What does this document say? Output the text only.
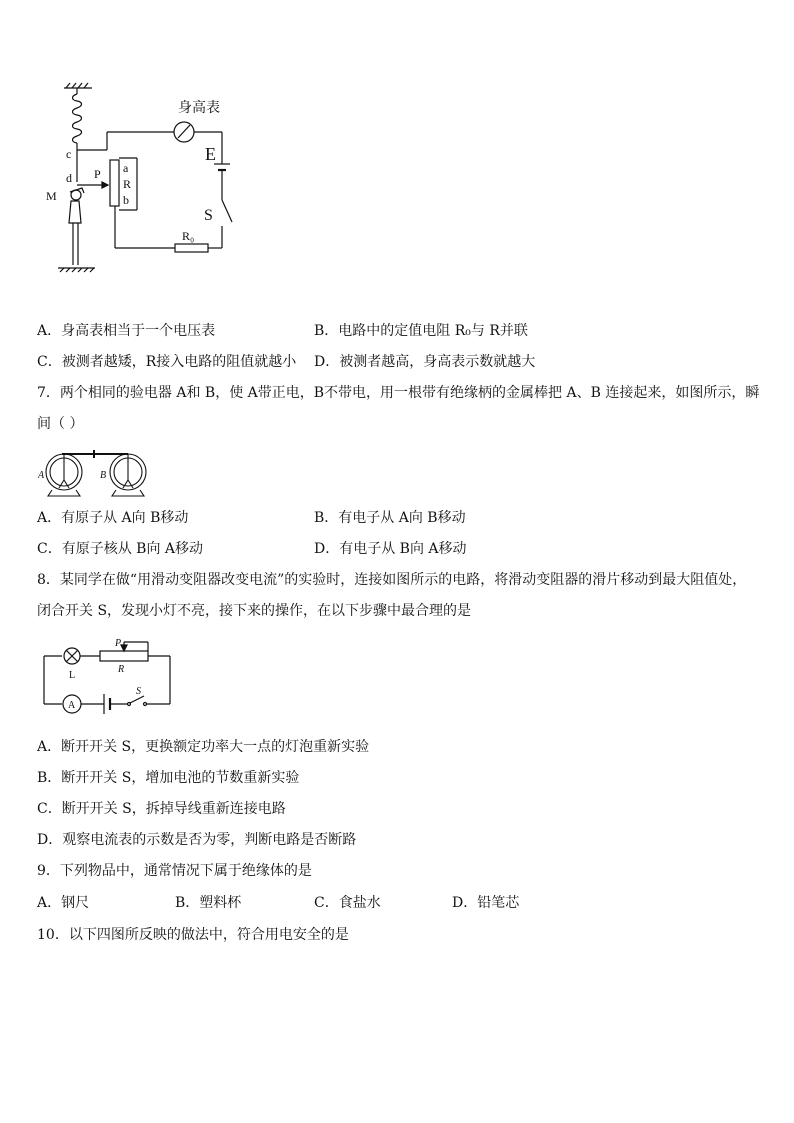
身高表
E
S
c
d
M
P a
R
b
R₀
A．身高表相当于一个电压表	B．电路中的定值电阻 R₀与 R并联
C．被测者越矮，R接入电路的阻值就越小 D．被测者越高，身高表示数就越大
7．两个相同的验电器 A和 B，使 A带正电，B不带电，用一根带有绝缘柄的金属棒把 A、B 连接起来，如图所示，瞬
间（ ）
A	B
A．有原子从 A向 B移动	B．有电子从 A向 B移动
C．有原子核从 B向 A移动	D．有电子从 B向 A移动
8．某同学在做“用滑动变阻器改变电流”的实验时，连接如图所示的电路，将滑动变阻器的滑片移动到最大阻值处，
闭合开关 S，发现小灯不亮，接下来的操作，在以下步骤中最合理的是
P
R
L
A
S
A．断开开关 S，更换额定功率大一点的灯泡重新实验
B．断开开关 S，增加电池的节数重新实验
C．断开开关 S，拆掉导线重新连接电路
D．观察电流表的示数是否为零，判断电路是否断路
9．下列物品中，通常情况下属于绝缘体的是
A．钢尺	B．塑料杯	C．食盐水	D．铅笔芯
10．以下四图所反映的做法中，符合用电安全的是
